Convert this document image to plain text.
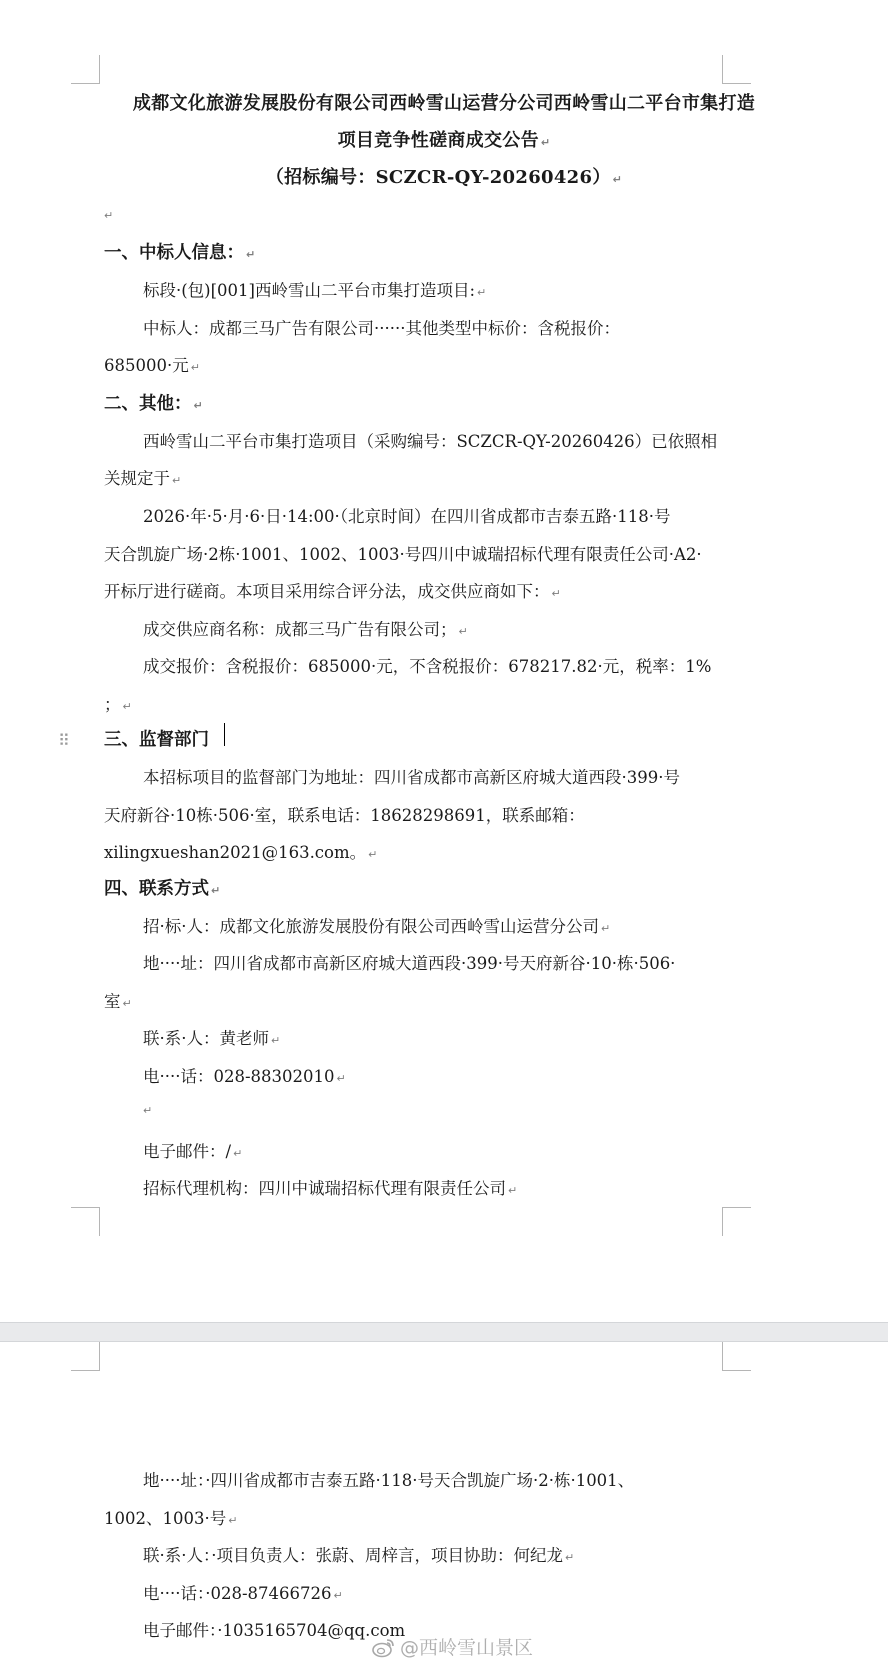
成都文化旅游发展股份有限公司西岭雪山运营分公司西岭雪山二平台市集打造
项目竞争性磋商成交公告 ↵
（招标编号：SCZCR-QY-20260426） ↵
↵
一、中标人信息： ↵
标段·(包)[001]西岭雪山二平台市集打造项目: ↵
中标人：成都三马广告有限公司······其他类型中标价：含税报价：
685000·元 ↵
二、其他： ↵
西岭雪山二平台市集打造项目（采购编号：SCZCR-QY-20260426）已依照相
关规定于 ↵
2026·年·5·月·6·日·14:00·（北京时间）在四川省成都市吉泰五路·118·号
天合凯旋广场·2栋·1001、1002、1003·号四川中诚瑞招标代理有限责任公司·A2·
开标厅进行磋商。本项目采用综合评分法，成交供应商如下： ↵
成交供应商名称：成都三马广告有限公司； ↵
成交报价：含税报价：685000·元，不含税报价：678217.82·元，税率：1%
； ↵
⠿ 三、监督部门
本招标项目的监督部门为地址：四川省成都市高新区府城大道西段·399·号
天府新谷·10栋·506·室，联系电话：18628298691，联系邮箱：
xilingxueshan2021@163.com。 ↵
四、联系方式 ↵
招·标·人：成都文化旅游发展股份有限公司西岭雪山运营分公司 ↵
地····址：四川省成都市高新区府城大道西段·399·号天府新谷·10·栋·506·
室 ↵
联·系·人：黄老师 ↵
电····话：028-88302010 ↵
↵
电子邮件：/ ↵
招标代理机构：四川中诚瑞招标代理有限责任公司 ↵
地····址：·四川省成都市吉泰五路·118·号天合凯旋广场·2·栋·1001、
1002、1003·号 ↵
联·系·人：·项目负责人：张蔚、周梓言，项目协助：何纪龙 ↵
电····话：·028-87466726 ↵
电子邮件：·1035165704@qq.com
@西岭雪山景区
